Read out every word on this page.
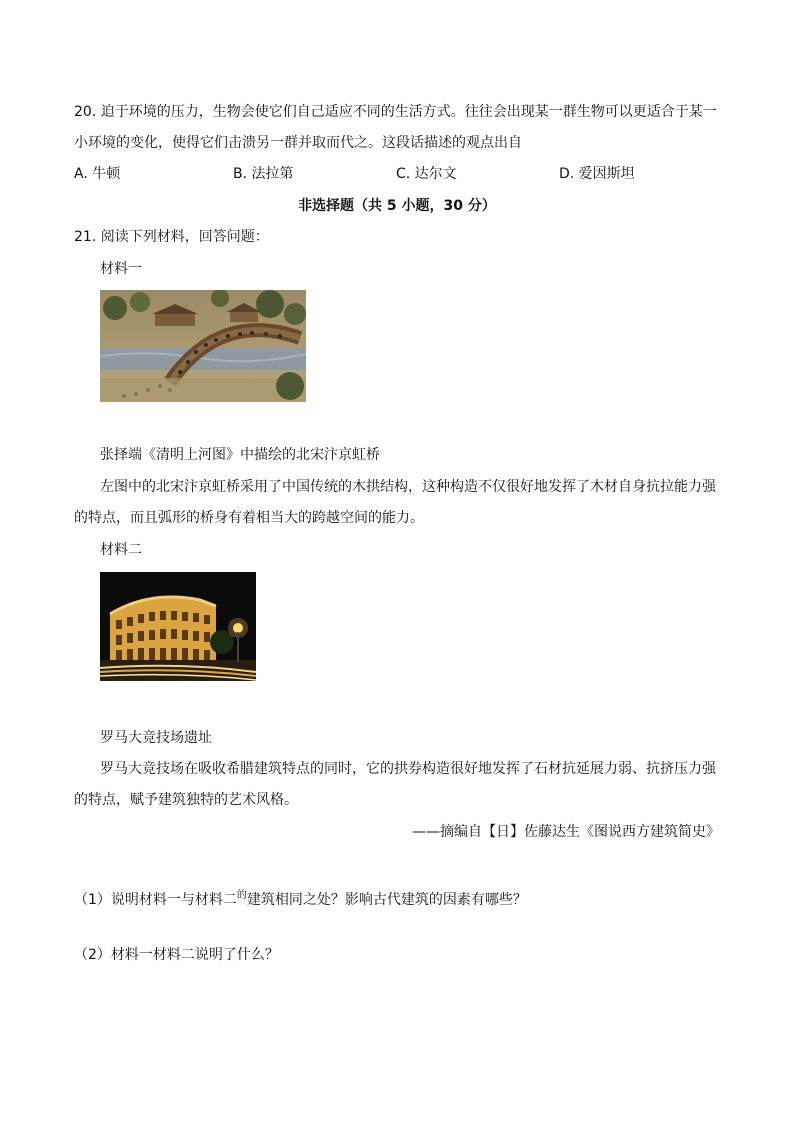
20. 迫于环境的压力，生物会使它们自己适应不同的生活方式。往往会出现某一群生物可以更适合于某一
小环境的变化，使得它们击溃另一群并取而代之。这段话描述的观点出自
A. 牛顿	B. 法拉第	C. 达尔文	D. 爱因斯坦
非选择题（共 5 小题，30 分）
21. 阅读下列材料，回答问题：
材料一
张择端《清明上河图》中描绘的北宋汴京虹桥
左图中的北宋汴京虹桥采用了中国传统的木拱结构，这种构造不仅很好地发挥了木材自身抗拉能力强
的特点，而且弧形的桥身有着相当大的跨越空间的能力。
材料二
罗马大竞技场遗址
罗马大竞技场在吸收希腊建筑特点的同时，它的拱券构造很好地发挥了石材抗延展力弱、抗挤压力强
的特点，赋予建筑独特的艺术风格。
——摘编自【日】佐藤达生《图说西方建筑简史》
（1）说明材料一与材料二$^的$建筑相同之处？影响古代建筑的因素有哪些？
（2）材料一材料二说明了什么？
